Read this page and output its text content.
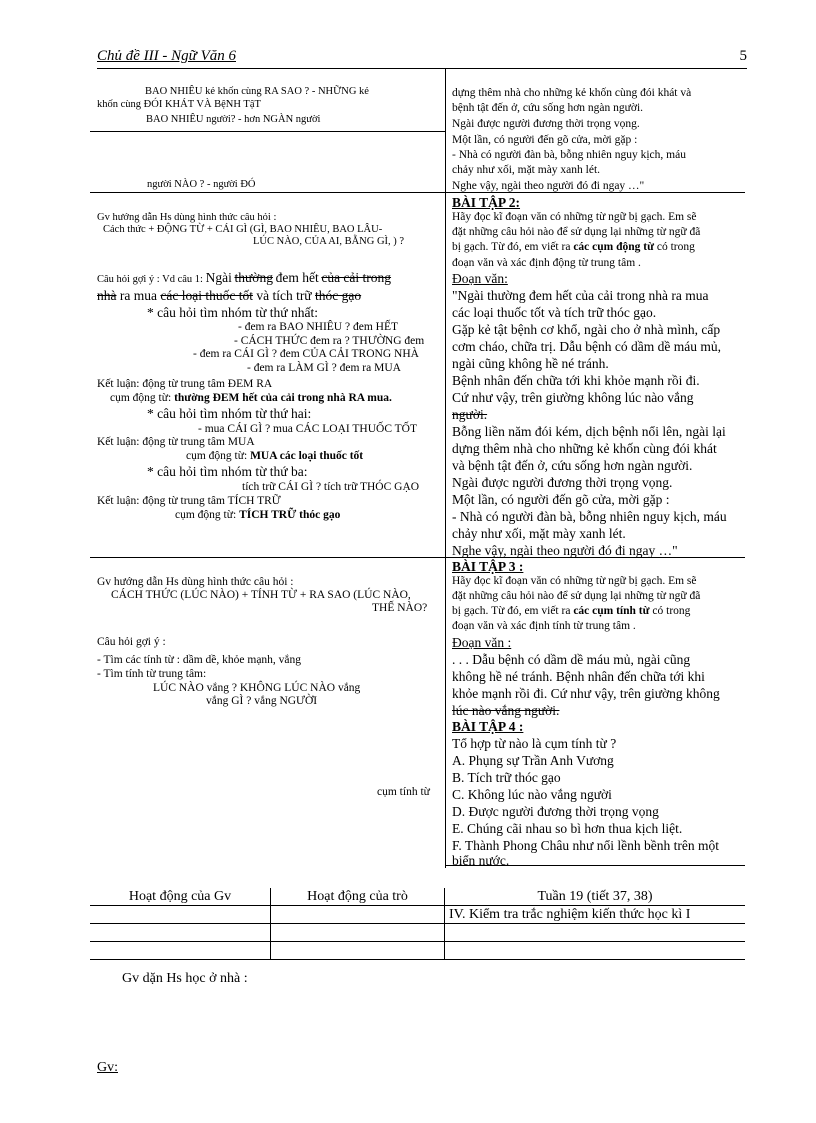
Chủ đề III - Ngữ Văn 6	5
BAO NHIÊU kẻ khốn cùng RA SAO ? - NHỮNG kẻ
khốn cùng ĐÓI KHÁT VÀ BệNH TậT
BAO NHIÊU người? - hơn NGÀN người
người NÀO ? - người ĐÓ
Gv hướng dẫn Hs dùng hình thức câu hỏi :
Cách thức + ĐỘNG TỪ + CÁI GÌ (GÌ, BAO NHIÊU, BAO LÂU-
LÚC NÀO, CỦA AI, BẰNG GÌ, ) ?
Câu hỏi gợi ý : Vd câu 1: Ngài thường đem hết của cải trong
nhà ra mua các loại thuốc tốt và tích trữ thóc gạo
* câu hỏi tìm nhóm từ thứ nhất:
- đem ra BAO NHIÊU ? đem HẾT
- CÁCH THỨC đem ra ? THƯỜNG đem
- đem ra CÁI GÌ ? đem CỦA CẢI TRONG NHÀ
- đem ra LÀM GÌ ? đem ra MUA
Kết luận: động từ trung tâm ĐEM RA
cụm động từ: thường ĐEM hết của cải trong nhà RA mua.
* câu hỏi tìm nhóm từ thứ hai:
- mua CÁI GÌ ? mua CÁC LOẠI THUỐC TỐT
Kết luận: động từ trung tâm MUA
cụm động từ: MUA các loại thuốc tốt
* câu hỏi tìm nhóm từ thứ ba:
tích trữ CÁI GÌ ? tích trữ THÓC GẠO
Kết luận: động từ trung tâm TÍCH TRỮ
cụm động từ: TÍCH TRỮ thóc gạo
Gv hướng dẫn Hs dùng hình thức câu hỏi :
CÁCH THỨC (LÚC NÀO) + TÍNH TỪ + RA SAO (LÚC NÀO,
THẾ NÀO?
Câu hỏi gợi ý :
- Tìm các tính từ : dầm dề, khỏe mạnh, vắng
- Tìm tính từ trung tâm:
LÚC NÀO vắng ? KHÔNG LÚC NÀO vắng
vắng GÌ ? vắng NGƯỜI
cụm tính từ
dựng thêm nhà cho những kẻ khốn cùng đói khát và
bệnh tật đến ở, cứu sống hơn ngàn người.
Ngài được người đương thời trọng vọng.
Một lần, có người đến gõ cửa, mời gặp :
- Nhà có người đàn bà, bỗng nhiên nguy kịch, máu
chảy như xối, mặt mày xanh lét.
Nghe vậy, ngài theo người đó đi ngay …"
BÀI TẬP 2:
Hãy đọc kĩ đoạn văn có những từ ngữ bị gạch. Em sẽ
đặt những câu hỏi nào để sử dụng lại những từ ngữ đã
bị gạch. Từ đó, em viết ra các cụm động từ có trong
đoạn văn và xác định động từ trung tâm .
Đoạn văn:
"Ngài thường đem hết của cải trong nhà ra mua
các loại thuốc tốt và tích trữ thóc gạo.
Gặp kẻ tật bệnh cơ khổ, ngài cho ở nhà mình, cấp
cơm cháo, chữa trị. Dẫu bệnh có dầm dề máu mủ,
ngài cũng không hề né tránh.
Bệnh nhân đến chữa tới khi khỏe mạnh rồi đi.
Cứ như vậy, trên giường không lúc nào vắng
người.
Bỗng liền năm đói kém, dịch bệnh nổi lên, ngài lại
dựng thêm nhà cho những kẻ khốn cùng đói khát
và bệnh tật đến ở, cứu sống hơn ngàn người.
Ngài được người đương thời trọng vọng.
Một lần, có người đến gõ cửa, mời gặp :
- Nhà có người đàn bà, bỗng nhiên nguy kịch, máu
chảy như xối, mặt mày xanh lét.
Nghe vậy, ngài theo người đó đi ngay …"
BÀI TẬP 3 :
Hãy đọc kĩ đoạn văn có những từ ngữ bị gạch. Em sẽ
đặt những câu hỏi nào để sử dụng lại những từ ngữ đã
bị gạch. Từ đó, em viết ra các cụm tính từ có trong
đoạn văn và xác định tính từ trung tâm .
Đoạn văn :
. . . Dẫu bệnh có dầm dề máu mủ, ngài cũng
không hề né tránh. Bệnh nhân đến chữa tới khi
khỏe mạnh rồi đi. Cứ như vậy, trên giường không
lúc nào vắng người.
BÀI TẬP 4 :
Tổ hợp từ nào là cụm tính từ ?
A. Phụng sự Trần Anh Vương
B. Tích trữ thóc gạo
C. Không lúc nào vắng người
D. Được người đương thời trọng vọng
E. Chúng cãi nhau so bì hơn thua kịch liệt.
F. Thành Phong Châu như nổi lềnh bềnh trên một
biển nước.
Hoạt động của Gv	Hoạt động của trò	Tuần 19 (tiết 37, 38)
		IV. Kiểm tra trắc nghiệm kiến thức học kì I

Gv dặn Hs học ở nhà :
Gv:
